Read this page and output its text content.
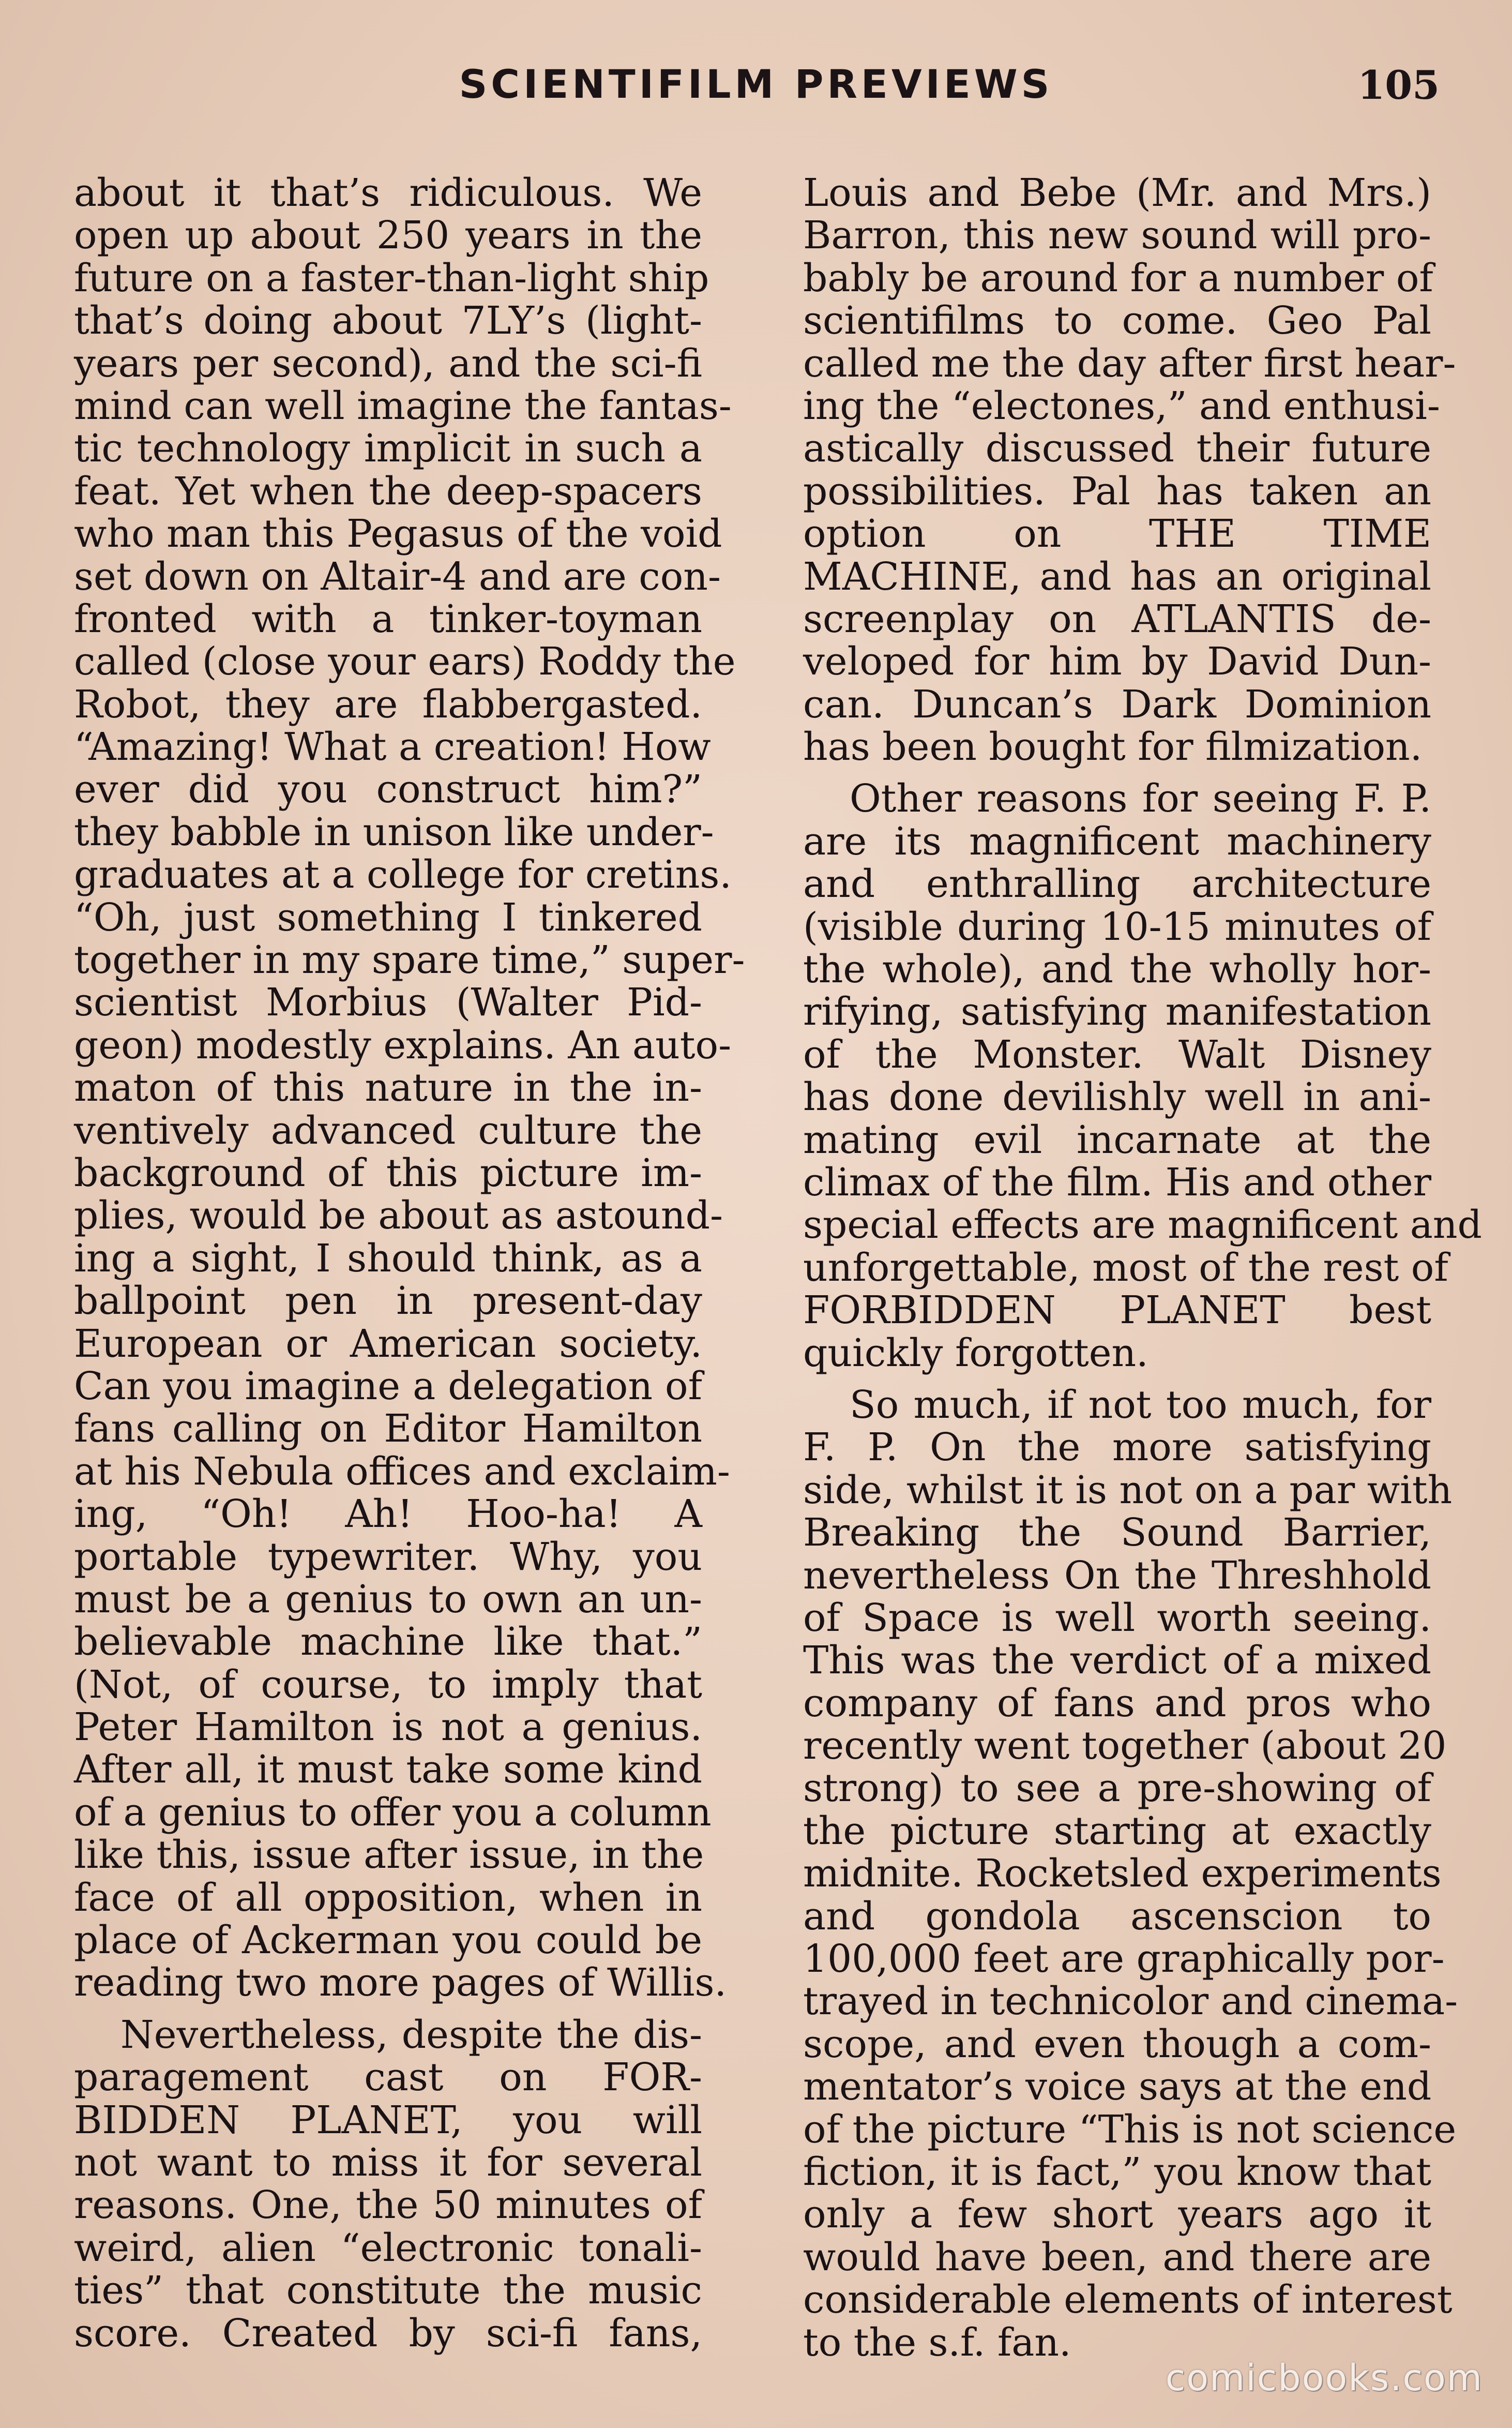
SCIENTIFILM PREVIEWS	105
about it that’s ridiculous. We
open up about 250 years in the
future on a faster-than-light ship
that’s doing about 7LY’s (light-
years per second), and the sci-fi
mind can well imagine the fantas-
tic technology implicit in such a
feat. Yet when the deep-spacers
who man this Pegasus of the void
set down on Altair-4 and are con-
fronted with a tinker-toyman
called (close your ears) Roddy the
Robot, they are flabbergasted.
“Amazing! What a creation! How
ever did you construct him?”
they babble in unison like under-
graduates at a college for cretins.
“Oh, just something I tinkered
together in my spare time,” super-
scientist Morbius (Walter Pid-
geon) modestly explains. An auto-
maton of this nature in the in-
ventively advanced culture the
background of this picture im-
plies, would be about as astound-
ing a sight, I should think, as a
ballpoint pen in present-day
European or American society.
Can you imagine a delegation of
fans calling on Editor Hamilton
at his Nebula offices and exclaim-
ing, “Oh! Ah! Hoo-ha! A
portable typewriter. Why, you
must be a genius to own an un-
believable machine like that.”
(Not, of course, to imply that
Peter Hamilton is not a genius.
After all, it must take some kind
of a genius to offer you a column
like this, issue after issue, in the
face of all opposition, when in
place of Ackerman you could be
reading two more pages of Willis.
Nevertheless, despite the dis-
paragement cast on FOR-
BIDDEN PLANET, you will
not want to miss it for several
reasons. One, the 50 minutes of
weird, alien “electronic tonali-
ties” that constitute the music
score. Created by sci-fi fans,
Louis and Bebe (Mr. and Mrs.)
Barron, this new sound will pro-
bably be around for a number of
scientifilms to come. Geo Pal
called me the day after first hear-
ing the “electones,” and enthusi-
astically discussed their future
possibilities. Pal has taken an
option on THE TIME
MACHINE, and has an original
screenplay on ATLANTIS de-
veloped for him by David Dun-
can. Duncan’s Dark Dominion
has been bought for filmization.
Other reasons for seeing F. P.
are its magnificent machinery
and enthralling architecture
(visible during 10-15 minutes of
the whole), and the wholly hor-
rifying, satisfying manifestation
of the Monster. Walt Disney
has done devilishly well in ani-
mating evil incarnate at the
climax of the film. His and other
special effects are magnificent and
unforgettable, most of the rest of
FORBIDDEN PLANET best
quickly forgotten.
So much, if not too much, for
F. P. On the more satisfying
side, whilst it is not on a par with
Breaking the Sound Barrier,
nevertheless On the Threshhold
of Space is well worth seeing.
This was the verdict of a mixed
company of fans and pros who
recently went together (about 20
strong) to see a pre-showing of
the picture starting at exactly
midnite. Rocketsled experiments
and gondola ascenscion to
100,000 feet are graphically por-
trayed in technicolor and cinema-
scope, and even though a com-
mentator’s voice says at the end
of the picture “This is not science
fiction, it is fact,” you know that
only a few short years ago it
would have been, and there are
considerable elements of interest
to the s.f. fan.
comicbooks.com
